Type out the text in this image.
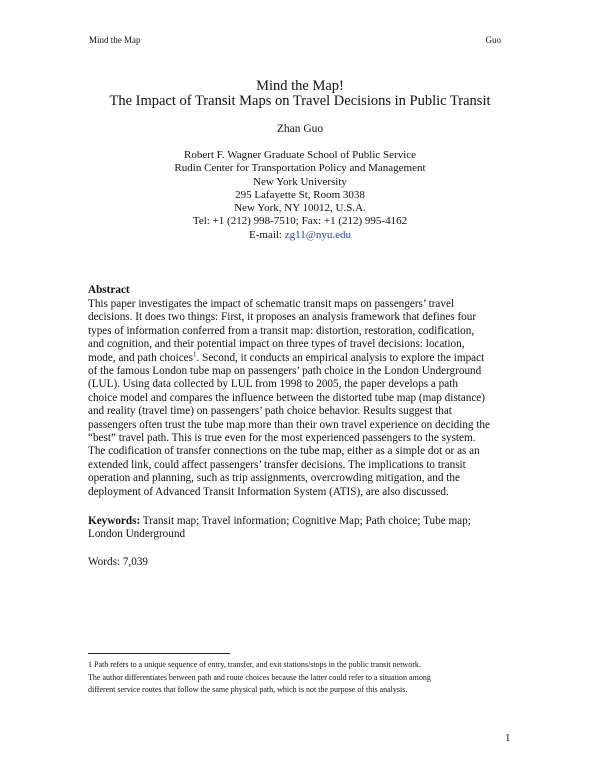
Mind the Map	Guo
Mind the Map!
The Impact of Transit Maps on Travel Decisions in Public Transit
Zhan Guo
Robert F. Wagner Graduate School of Public Service
Rudin Center for Transportation Policy and Management
New York University
295 Lafayette St, Room 3038
New York, NY 10012, U.S.A.
Tel: +1 (212) 998-7510; Fax: +1 (212) 995-4162
E-mail: zg11@nyu.edu
Abstract
This paper investigates the impact of schematic transit maps on passengers’ travel
decisions. It does two things: First, it proposes an analysis framework that defines four
types of information conferred from a transit map: distortion, restoration, codification,
and cognition, and their potential impact on three types of travel decisions: location,
mode, and path choices$^1$. Second, it conducts an empirical analysis to explore the impact
of the famous London tube map on passengers’ path choice in the London Underground
(LUL). Using data collected by LUL from 1998 to 2005, the paper develops a path
choice model and compares the influence between the distorted tube map (map distance)
and reality (travel time) on passengers’ path choice behavior. Results suggest that
passengers often trust the tube map more than their own travel experience on deciding the
“best” travel path. This is true even for the most experienced passengers to the system.
The codification of transfer connections on the tube map, either as a simple dot or as an
extended link, could affect passengers’ transfer decisions. The implications to transit
operation and planning, such as trip assignments, overcrowding mitigation, and the
deployment of Advanced Transit Information System (ATIS), are also discussed.
Keywords: Transit map; Travel information; Cognitive Map; Path choice; Tube map;
London Underground
Words: 7,039
1 Path refers to a unique sequence of entry, transfer, and exit stations/stops in the public transit network.
The author differentiates between path and route choices because the latter could refer to a situation among
different service routes that follow the same physical path, which is not the purpose of this analysis.
1
